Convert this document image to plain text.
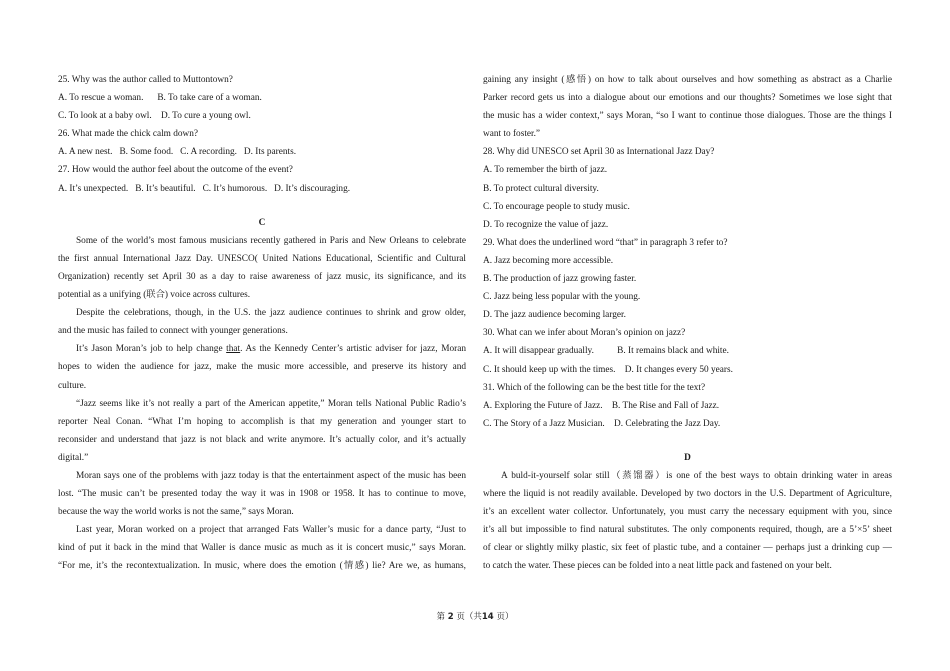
25. Why was the author called to Muttontown?
A. To rescue a woman.      B. To take care of a woman.
C. To look at a baby owl.    D. To cure a young owl.
26. What made the chick calm down?
A. A new nest.   B. Some food.   C. A recording.   D. Its parents.
27. How would the author feel about the outcome of the event?
A. It’s unexpected.   B. It’s beautiful.   C. It’s humorous.   D. It’s discouraging.
C
Some of the world’s most famous musicians recently gathered in Paris and New Orleans to celebrate
the first annual International Jazz Day. UNESCO( United Nations Educational, Scientific and Cultural
Organization) recently set April 30 as a day to raise awareness of jazz music, its significance, and its
potential as a unifying (联合) voice across cultures.
Despite the celebrations, though, in the U.S. the jazz audience continues to shrink and grow older,
and the music has failed to connect with younger generations.
It’s Jason Moran’s job to help change that. As the Kennedy Center’s artistic adviser for jazz, Moran
hopes to widen the audience for jazz, make the music more accessible, and preserve its history and
culture.
“Jazz seems like it’s not really a part of the American appetite,” Moran tells National Public Radio’s
reporter Neal Conan. “What I’m hoping to accomplish is that my generation and younger start to
reconsider and understand that jazz is not black and write anymore. It’s actually color, and it’s actually
digital.”
Moran says one of the problems with jazz today is that the entertainment aspect of the music has been
lost. “The music can’t be presented today the way it was in 1908 or 1958. It has to continue to move,
because the way the world works is not the same,” says Moran.
Last year, Moran worked on a project that arranged Fats Waller’s music for a dance party, “Just to
kind of put it back in the mind that Waller is dance music as much as it is concert music,” says Moran.
“For me, it’s the recontextualization. In music, where does the emotion (情感) lie? Are we, as humans,
gaining any insight (感悟) on how to talk about ourselves and how something as abstract as a Charlie
Parker record gets us into a dialogue about our emotions and our thoughts? Sometimes we lose sight that
the music has a wider context,” says Moran, “so I want to continue those dialogues. Those are the things I
want to foster.”
28. Why did UNESCO set April 30 as International Jazz Day?
A. To remember the birth of jazz.
B. To protect cultural diversity.
C. To encourage people to study music.
D. To recognize the value of jazz.
29. What does the underlined word “that” in paragraph 3 refer to?
A. Jazz becoming more accessible.
B. The production of jazz growing faster.
C. Jazz being less popular with the young.
D. The jazz audience becoming larger.
30. What can we infer about Moran’s opinion on jazz?
A. It will disappear gradually.          B. It remains black and white.
C. It should keep up with the times.    D. It changes every 50 years.
31. Which of the following can be the best title for the text?
A. Exploring the Future of Jazz.    B. The Rise and Fall of Jazz.
C. The Story of a Jazz Musician.    D. Celebrating the Jazz Day.
D
A buld-it-yourself solar still（蒸馏器）is one of the best ways to obtain drinking water in areas
where the liquid is not readily available. Developed by two doctors in the U.S. Department of Agriculture,
it’s an excellent water collector. Unfortunately, you must carry the necessary equipment with you, since
it’s all but impossible to find natural substitutes. The only components required, though, are a 5’×5’ sheet
of clear or slightly milky plastic, six feet of plastic tube, and a container — perhaps just a drinking cup —
to catch the water. These pieces can be folded into a neat little pack and fastened on your belt.
第 2 页（共14 页）
